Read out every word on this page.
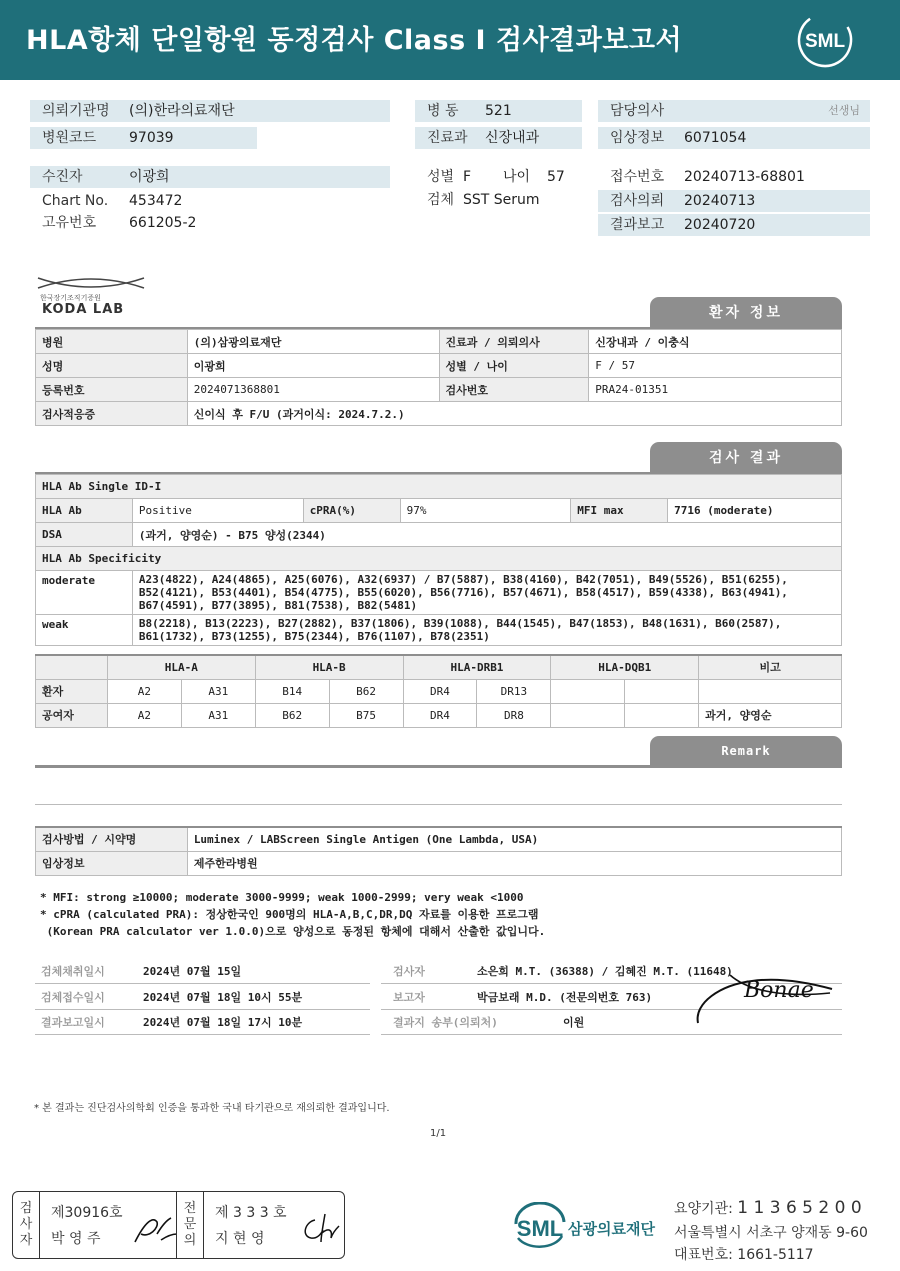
HLA항체 단일항원 동정검사 Class I 검사결과보고서	SML
의뢰기관명 (의)한라의료재단	병 동 521	담당의사	선생님
병원코드 97039	진료과 신장내과	임상정보 6071054
수진자	이광희	성별 F 나이 57	접수번호 20240713-68801
Chart No. 453472	검체 SST Serum	검사의뢰 20240713
고유번호 661205-2	결과보고 20240720
한국장기조직기증원
KODA LAB	환자 정보
병원	(의)삼광의료재단	진료과 / 의뢰의사	신장내과 / 이충식
성명	이광희	성별 / 나이	F / 57
등록번호	2024071368801	검사번호	PRA24-01351
검사적응증	신이식 후 F/U (과거이식: 2024.7.2.)		
검사 결과
HLA Ab Single ID-I					
HLA Ab	Positive	cPRA(%)	97%	MFI max	7716 (moderate)
DSA	(과거, 양영순) - B75 양성(2344)				
HLA Ab Specificity					
moderate	A23(4822), A24(4865), A25(6076), A32(6937) / B7(5887), B38(4160), B42(7051), B49(5526), B51(6255),
B52(4121), B53(4401), B54(4775), B55(6020), B56(7716), B57(4671), B58(4517), B59(4338), B63(4941),
B67(4591), B77(3895), B81(7538), B82(5481)				

weak	B8(2218), B13(2223), B27(2882), B37(1806), B39(1088), B44(1545), B47(1853), B48(1631), B60(2587),
B61(1732), B73(1255), B75(2344), B76(1107), B78(2351)				
	HLA-A		HLA-B		HLA-DRB1		HLA-DQB1		비고
환자	A2	A31	B14	B62	DR4	DR13			
공여자	A2	A31	B62	B75	DR4	DR8			과거, 양영순
Remark
검사방법 / 시약명	Luminex / LABScreen Single Antigen (One Lambda, USA)
임상정보	제주한라병원
* MFI: strong ≥10000; moderate 3000-9999; weak 1000-2999; very weak <1000
* cPRA (calculated PRA): 정상한국인 900명의 HLA-A,B,C,DR,DQ 자료를 이용한 프로그램
(Korean PRA calculator ver 1.0.0)으로 양성으로 동정된 항체에 대해서 산출한 값입니다.
검체채취일시	2024년 07월 15일	검사자	소은희 M.T. (36388) / 김혜진 M.T. (11648)
검체접수일시	2024년 07월 18일 10시 55분	보고자	박금보래 M.D. (전문의번호 763)
결과보고일시	2024년 07월 18일 17시 10분	결과지 송부(의뢰처)	이원
Bonae
* 본 결과는 진단검사의학회 인증을 통과한 국내 타기관으로 재의뢰한 결과입니다.
1/1
검
사
자
제30916호
박 영 주
전
문
의
제 3 3 3 호
지 현 영	SML 삼광의료재단
요양기관: 1 1 3 6 5 2 0 0
서울특별시 서초구 양재동 9-60
대표번호: 1661-5117
